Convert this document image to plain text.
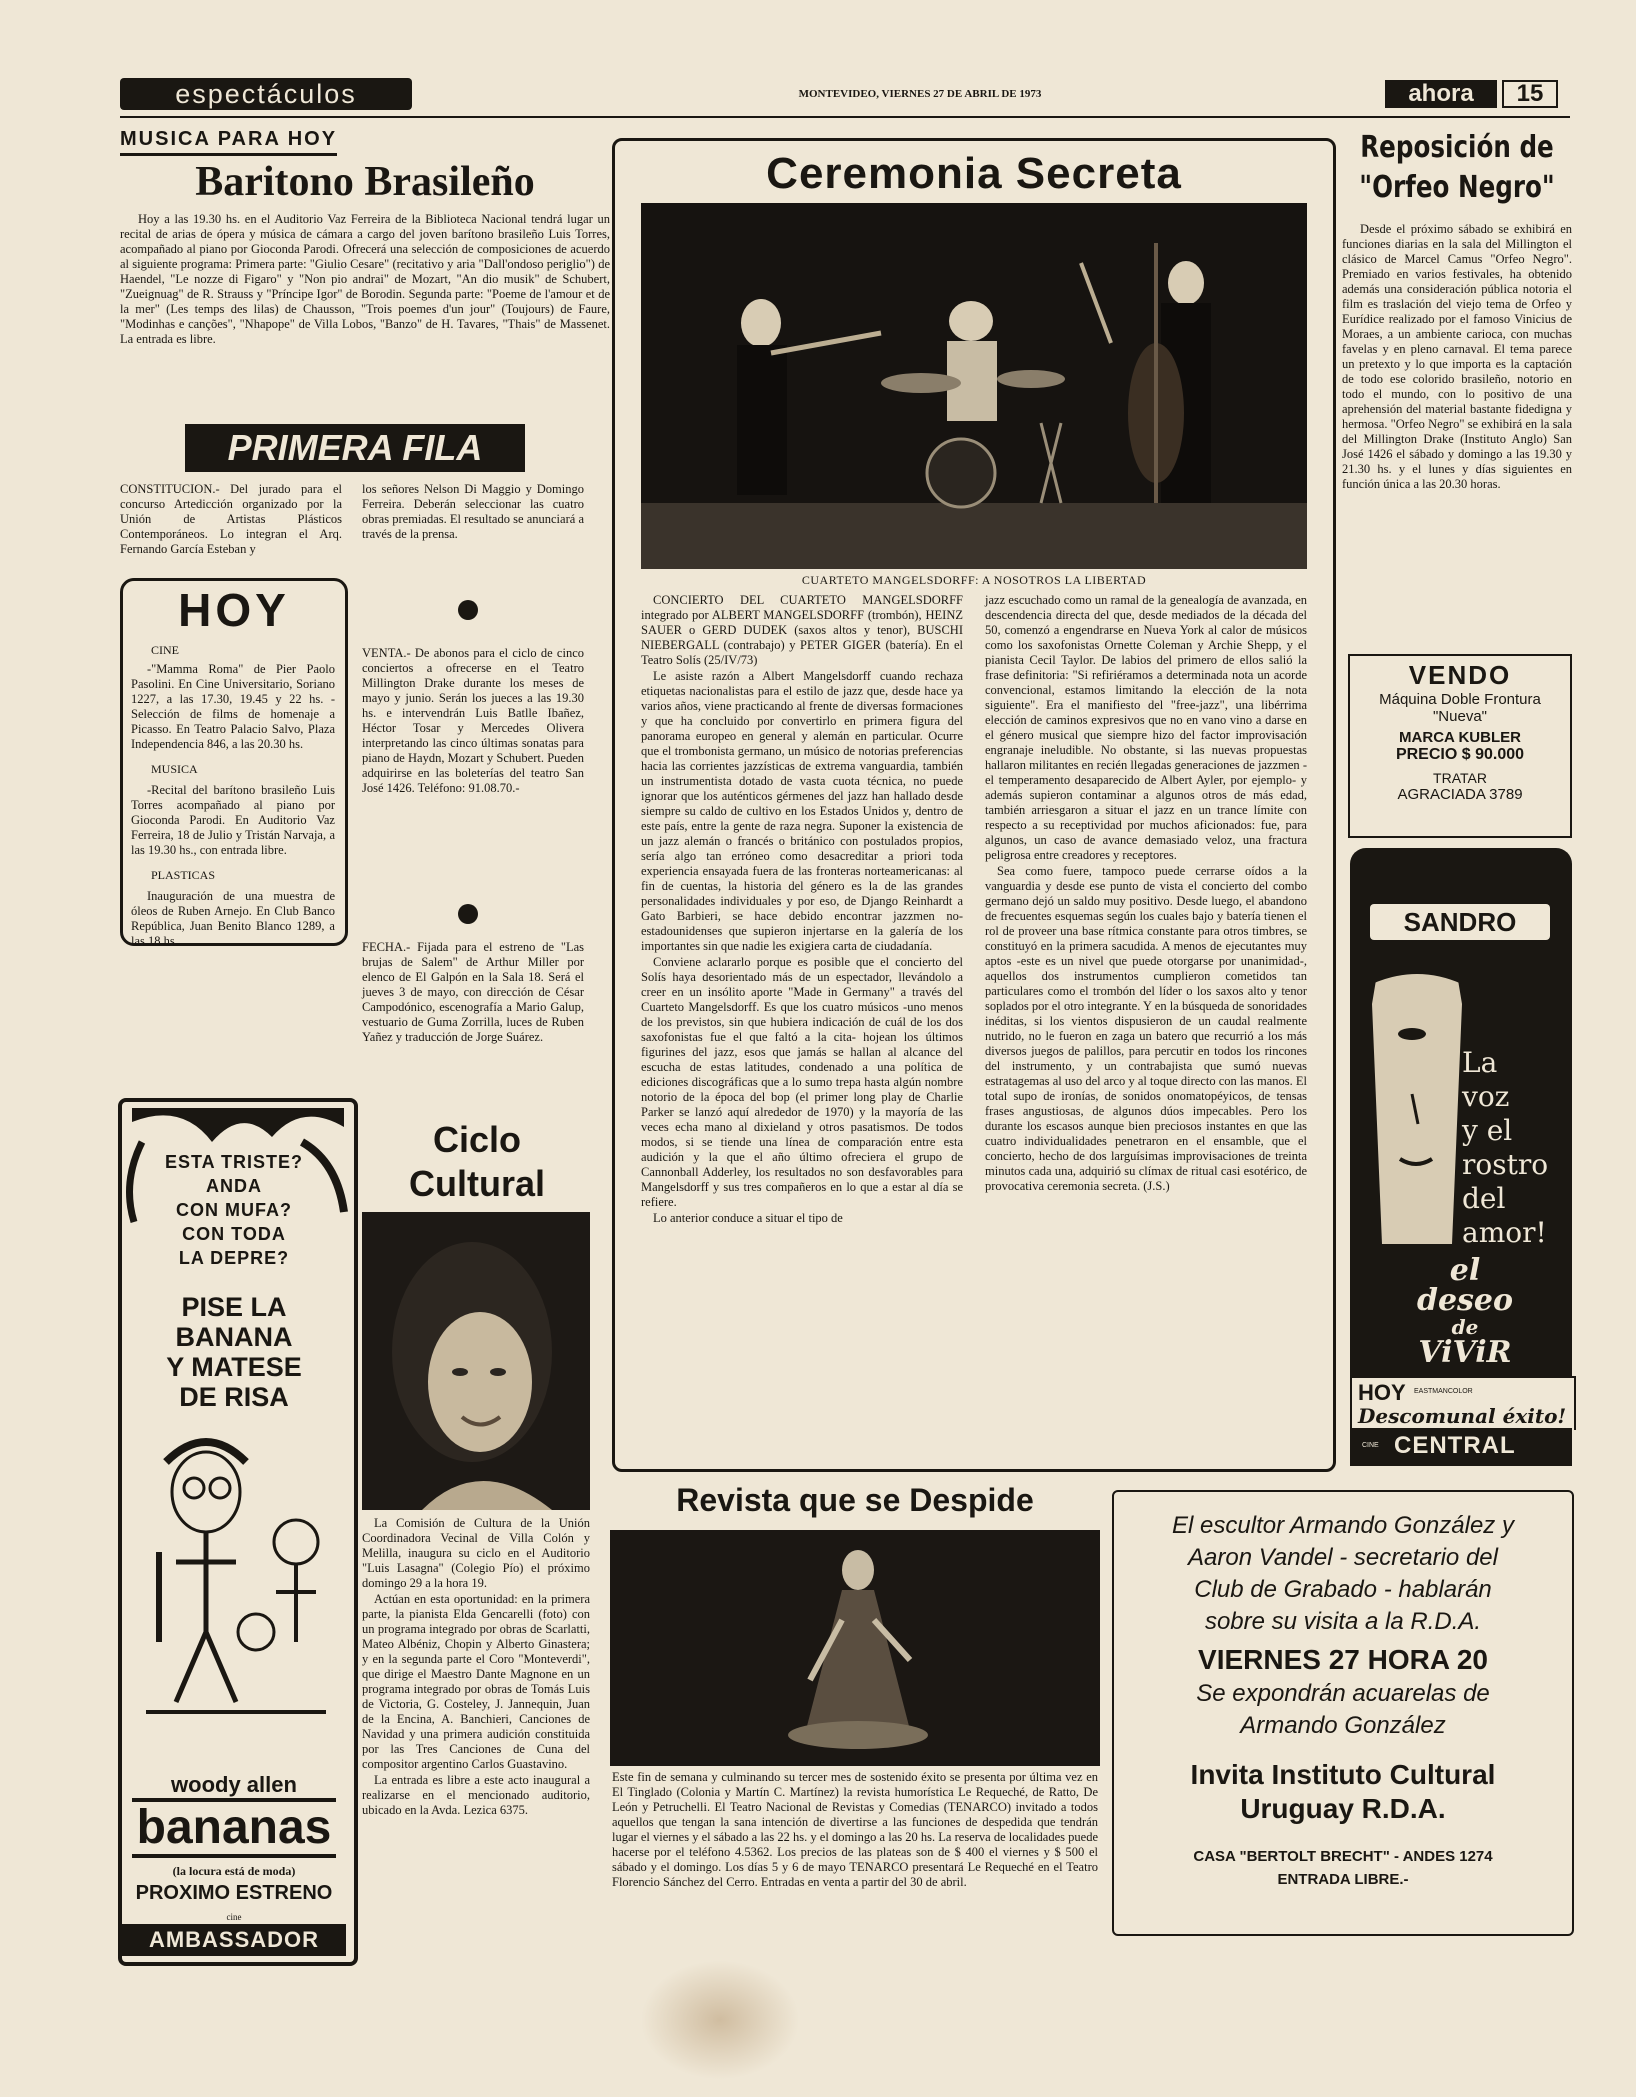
espectáculos	MONTEVIDEO, VIERNES 27 DE ABRIL DE 1973	ahora	15
MUSICA PARA HOY
Baritono Brasileño

Hoy a las 19.30 hs. en el Auditorio Vaz Ferreira de la Biblioteca Nacional tendrá lugar un recital de arias de ópera y música de cámara a cargo del joven barítono brasileño Luis Torres, acompañado al piano por Gioconda Parodi. Ofrecerá una selección de composiciones de acuerdo al siguiente programa: Primera parte: "Giulio Cesare" (recitativo y aria "Dall'ondoso periglio") de Haendel, "Le nozze di Figaro" y "Non pio andrai" de Mozart, "An dio musik" de Schubert, "Zueignuag" de R. Strauss y "Príncipe Igor" de Borodin. Segunda parte: "Poeme de l'amour et de la mer" (Les temps des lilas) de Chausson, "Trois poemes d'un jour" (Toujours) de Faure, "Modinhas e canções", "Nhapope" de Villa Lobos, "Banzo" de H. Tavares, "Thais" de Massenet. La entrada es libre.

PRIMERA FILA
CONSTITUCION.- Del jurado para el concurso Artedicción organizado por la Unión de Artistas Plásticos Contemporáneos. Lo integran el Arq. Fernando García Esteban y
los señores Nelson Di Maggio y Domingo Ferreira. Deberán seleccionar las cuatro obras premiadas. El resultado se anunciará a través de la prensa.
HOY
CINE

-"Mamma Roma" de Pier Paolo Pasolini. En Cine Universitario, Soriano 1227, a las 17.30, 19.45 y 22 hs. -Selección de films de homenaje a Picasso. En Teatro Palacio Salvo, Plaza Independencia 846, a las 20.30 hs.

MUSICA

-Recital del barítono brasileño Luis Torres acompañado al piano por Gioconda Parodi. En Auditorio Vaz Ferreira, 18 de Julio y Tristán Narvaja, a las 19.30 hs., con entrada libre.

PLASTICAS

Inauguración de una muestra de óleos de Ruben Arnejo. En Club Banco República, Juan Benito Blanco 1289, a las 18 hs.

VENTA.- De abonos para el ciclo de cinco conciertos a ofrecerse en el Teatro Millington Drake durante los meses de mayo y junio. Serán los jueces a las 19.30 hs. e intervendrán Luis Batlle Ibañez, Héctor Tosar y Mercedes Olivera interpretando las cinco últimas sonatas para piano de Haydn, Mozart y Schubert. Pueden adquirirse en las boleterías del teatro San José 1426. Teléfono: 91.08.70.-
FECHA.- Fijada para el estreno de "Las brujas de Salem" de Arthur Miller por elenco de El Galpón en la Sala 18. Será el jueves 3 de mayo, con dirección de César Campodónico, escenografía a Mario Galup, vestuario de Guma Zorrilla, luces de Ruben Yañez y traducción de Jorge Suárez.
ESTA TRISTE?
ANDA
CON MUFA?
CON TODA
LA DEPRE?
PISE LA
BANANA
Y MATESE
DE RISA
woody allen
bananas
(la locura está de moda)
PROXIMO ESTRENO
cine
AMBASSADOR
Ciclo
Cultural

La Comisión de Cultura de la Unión Coordinadora Vecinal de Villa Colón y Melilla, inaugura su ciclo en el Auditorio "Luis Lasagna" (Colegio Pío) el próximo domingo 29 a la hora 19.

Actúan en esta oportunidad: en la primera parte, la pianista Elda Gencarelli (foto) con un programa integrado por obras de Scarlatti, Mateo Albéniz, Chopin y Alberto Ginastera; y en la segunda parte el Coro "Monteverdi", que dirige el Maestro Dante Magnone en un programa integrado por obras de Tomás Luis de Victoria, G. Costeley, J. Jannequin, Juan de la Encina, A. Banchieri, Canciones de Navidad y una primera audición constituida por las Tres Canciones de Cuna del compositor argentino Carlos Guastavino.

La entrada es libre a este acto inaugural a realizarse en el mencionado auditorio, ubicado en la Avda. Lezica 6375.

Ceremonia Secreta
CUARTETO MANGELSDORFF: A NOSOTROS LA LIBERTAD

CONCIERTO DEL CUARTETO MANGELSDORFF integrado por ALBERT MANGELSDORFF (trombón), HEINZ SAUER o GERD DUDEK (saxos altos y tenor), BUSCHI NIEBERGALL (contrabajo) y PETER GIGER (batería). En el Teatro Solís (25/IV/73)

Le asiste razón a Albert Mangelsdorff cuando rechaza etiquetas nacionalistas para el estilo de jazz que, desde hace ya varios años, viene practicando al frente de diversas formaciones y que ha concluido por convertirlo en primera figura del panorama europeo en general y alemán en particular. Ocurre que el trombonista germano, un músico de notorias preferencias hacia las corrientes jazzísticas de extrema vanguardia, también un instrumentista dotado de vasta cuota técnica, no puede ignorar que los auténticos gérmenes del jazz han hallado desde siempre su caldo de cultivo en los Estados Unidos y, dentro de este país, entre la gente de raza negra. Suponer la existencia de un jazz alemán o francés o británico con postulados propios, sería algo tan erróneo como desacreditar a priori toda experiencia ensayada fuera de las fronteras norteamericanas: al fin de cuentas, la historia del género es la de las grandes personalidades individuales y por eso, de Django Reinhardt a Gato Barbieri, se hace debido encontrar jazzmen no-estadounidenses que supieron injertarse en la galería de los importantes sin que nadie les exigiera carta de ciudadanía.

Conviene aclararlo porque es posible que el concierto del Solís haya desorientado más de un espectador, llevándolo a creer en un insólito aporte "Made in Germany" a través del Cuarteto Mangelsdorff. Es que los cuatro músicos -uno menos de los previstos, sin que hubiera indicación de cuál de los dos saxofonistas fue el que faltó a la cita- hojean los últimos figurines del jazz, esos que jamás se hallan al alcance del escucha de estas latitudes, condenado a una política de ediciones discográficas que a lo sumo trepa hasta algún nombre notorio de la época del bop (el primer long play de Charlie Parker se lanzó aquí alrededor de 1970) y la mayoría de las veces echa mano al dixieland y otros pasatismos. De todos modos, si se tiende una línea de comparación entre esta audición y la que el año último ofreciera el grupo de Cannonball Adderley, los resultados no son desfavorables para Mangelsdorff y sus tres compañeros en lo que a estar al día se refiere.

Lo anterior conduce a situar el tipo de

jazz escuchado como un ramal de la genealogía de avanzada, en descendencia directa del que, desde mediados de la década del 50, comenzó a engendrarse en Nueva York al calor de músicos como los saxofonistas Ornette Coleman y Archie Shepp, y el pianista Cecil Taylor. De labios del primero de ellos salió la frase definitoria: "Si refiriéramos a determinada nota un acorde convencional, estamos limitando la elección de la nota siguiente". Era el manifiesto del "free-jazz", una libérrima elección de caminos expresivos que no en vano vino a darse en el género musical que siempre hizo del factor improvisación engranaje ineludible. No obstante, si las nuevas propuestas hallaron militantes en recién llegadas generaciones de jazzmen -el temperamento desaparecido de Albert Ayler, por ejemplo- y además supieron contaminar a algunos otros de más edad, también arriesgaron a situar el jazz en un trance límite con respecto a su receptividad por muchos aficionados: fue, para algunos, un caso de avance demasiado veloz, una fractura peligrosa entre creadores y receptores.

Sea como fuere, tampoco puede cerrarse oídos a la vanguardia y desde ese punto de vista el concierto del combo germano dejó un saldo muy positivo. Desde luego, el abandono de frecuentes esquemas según los cuales bajo y batería tienen el rol de proveer una base rítmica constante para otros timbres, se constituyó en la primera sacudida. A menos de ejecutantes muy aptos -este es un nivel que puede otorgarse por unanimidad-, aquellos dos instrumentos cumplieron cometidos tan particulares como el trombón del líder o los saxos alto y tenor soplados por el otro integrante. Y en la búsqueda de sonoridades inéditas, si los vientos dispusieron de un caudal realmente nutrido, no le fueron en zaga un batero que recurrió a los más diversos juegos de palillos, para percutir en todos los rincones del instrumento, y un contrabajista que sumó nuevas estratagemas al uso del arco y al toque directo con las manos. El total supo de ironías, de sonidos onomatopéyicos, de tensas frases angustiosas, de algunos dúos impecables. Pero los durante los escasos aunque bien preciosos instantes en que las cuatro individualidades penetraron en el ensamble, que el concierto, hecho de dos larguísimas improvisaciones de treinta minutos cada una, adquirió su clímax de ritual casi esotérico, de provocativa ceremonia secreta. (J.S.)

Revista que se Despide
Este fin de semana y culminando su tercer mes de sostenido éxito se presenta por última vez en El Tinglado (Colonia y Martín C. Martínez) la revista humorística Le Requeché, de Ratto, De León y Petruchelli. El Teatro Nacional de Revistas y Comedias (TENARCO) invitado a todos aquellos que tengan la sana intención de divertirse a las funciones de despedida que tendrán lugar el viernes y el sábado a las 22 hs. y el domingo a las 20 hs. La reserva de localidades puede hacerse por el teléfono 4.5362. Los precios de las plateas son de $ 400 el viernes y $ 500 el sábado y el domingo. Los días 5 y 6 de mayo TENARCO presentará Le Requeché en el Teatro Florencio Sánchez del Cerro. Entradas en venta a partir del 30 de abril.
Reposición de
"Orfeo Negro"

Desde el próximo sábado se exhibirá en funciones diarias en la sala del Millington el clásico de Marcel Camus "Orfeo Negro". Premiado en varios festivales, ha obtenido además una consideración pública notoria el film es traslación del viejo tema de Orfeo y Eurídice realizado por el famoso Vinicius de Moraes, a un ambiente carioca, con muchas favelas y en pleno carnaval. El tema parece un pretexto y lo que importa es la captación de todo ese colorido brasileño, notorio en todo el mundo, con lo positivo de una aprehensión del material bastante fidedigna y hermosa. "Orfeo Negro" se exhibirá en la sala del Millington Drake (Instituto Anglo) San José 1426 el sábado y domingo a las 19.30 y 21.30 hs. y el lunes y días siguientes en función única a las 20.30 horas.

VENDO
Máquina Doble Frontura
"Nueva"
MARCA KUBLER
PRECIO $ 90.000
TRATAR
AGRACIADA 3789
SANDRO
La
voz
y el
rostro
del
amor!
el
deseo
de
ViViR
HOY EASTMANCOLOR
Descomunal éxito!
CINE CENTRAL
El escultor Armando González y
Aaron Vandel - secretario del
Club de Grabado - hablarán
sobre su visita a la R.D.A.
VIERNES 27 HORA 20
Se expondrán acuarelas de
Armando González
Invita Instituto Cultural
Uruguay R.D.A.
CASA "BERTOLT BRECHT" - ANDES 1274
ENTRADA LIBRE.-
